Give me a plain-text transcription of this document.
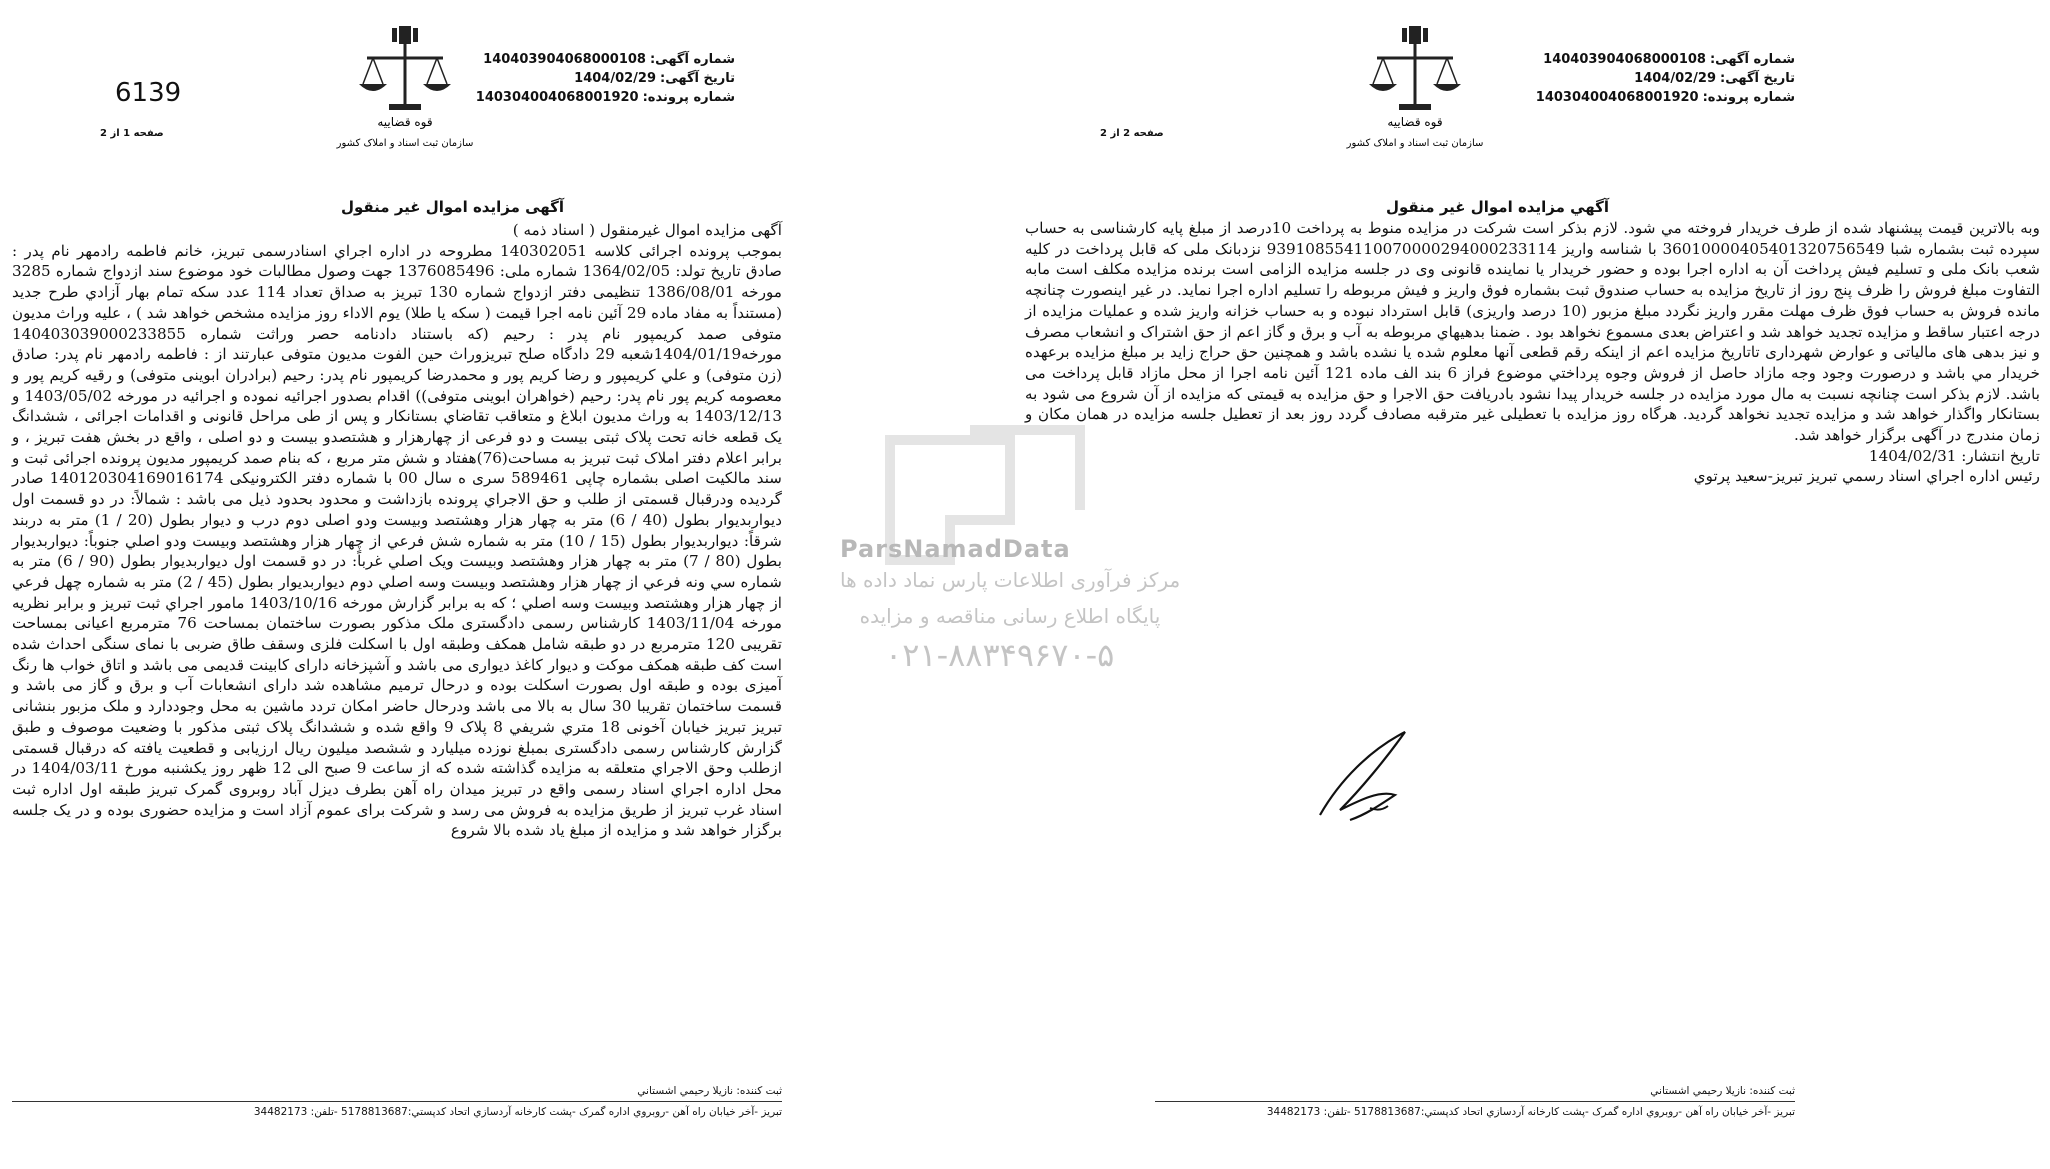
شماره آگهی:140403904068000108
تاریخ آگهی:1404/02/29
شماره پرونده:140304004068001920
قوه قضاییه
سازمان ثبت اسناد و املاک کشور
6139
صفحه 1 از 2
آگهی مزایده اموال غیر منقول

آگهی مزایده اموال غیرمنقول ( اسناد ذمه )

بموجب پرونده اجرائی کلاسه 140302051 مطروحه در اداره اجراي اسنادرسمی تبریز، خانم فاطمه رادمهر نام پدر : صادق تاریخ تولد: 1364/02/05 شماره ملی: 1376085496 جهت وصول مطالبات خود موضوع سند ازدواج شماره 3285 مورخه 1386/08/01 تنظیمی دفتر ازدواج شماره 130 تبریز به صداق تعداد 114 عدد سکه تمام بهار آزادي طرح جدید (مستنداً به مفاد ماده 29 آئین نامه اجرا قیمت ( سکه یا طلا) یوم الاداء روز مزایده مشخص خواهد شد ) ، علیه وراث مدیون متوفی صمد کریمپور نام پدر : رحیم (که باستناد دادنامه حصر وراثت شماره 140403039000233855 مورخه1404/01/19شعبه 29 دادگاه صلح تبریزوراث حین الفوت مدیون متوفی عبارتند از : فاطمه رادمهر نام پدر: صادق (زن متوفی) و علي کریمپور و رضا کریم پور و محمدرضا کریمپور نام پدر: رحیم (برادران ابوینی متوفی) و رقیه کریم پور و معصومه کریم پور نام پدر: رحیم (خواهران ابوینی متوفی)) اقدام بصدور اجرائیه نموده و اجرائیه در مورخه 1403/05/02 و 1403/12/13 به وراث مدیون ابلاغ و متعاقب تقاضاي بستانکار و پس از طی مراحل قانونی و اقدامات اجرائی ، ششدانگ یک قطعه خانه تحت پلاک ثبتی بیست و دو فرعی از چهارهزار و هشتصدو بیست و دو اصلی ، واقع در بخش هفت تبریز ، و برابر اعلام دفتر املاک ثبت تبریز به مساحت(76)هفتاد و شش متر مربع ، که بنام صمد کریمپور مدیون پرونده اجرائی ثبت و سند مالکیت اصلی بشماره چاپی 589461 سری ه سال 00 با شماره دفتر الکترونیکی 140120304169016174 صادر گردیده ودرقبال قسمتی از طلب و حق الاجراي پرونده بازداشت و محدود بحدود ذیل می باشد : شمالاً: در دو قسمت اول دیواربدیوار بطول (40 / 6) متر به چهار هزار وهشتصد وبیست ودو اصلی دوم درب و دیوار بطول (20 / 1) متر به دربند شرقاً: دیواربدیوار بطول (15 / 10) متر به شماره شش فرعي از چهار هزار وهشتصد وبیست ودو اصلي جنوباً: دیواربدیوار بطول (80 / 7) متر به چهار هزار وهشتصد وبیست ویک اصلي غرباً: در دو قسمت اول دیواربدیوار بطول (90 / 6) متر به شماره سي ونه فرعي از چهار هزار وهشتصد وبیست وسه اصلي دوم دیواربدیوار بطول (45 / 2) متر به شماره چهل فرعي از چهار هزار وهشتصد وبیست وسه اصلي ؛ که به برابر گزارش مورخه 1403/10/16 مامور اجراي ثبت تبریز و برابر نظریه مورخه 1403/11/04 کارشناس رسمی دادگستری ملک مذکور بصورت ساختمان بمساحت 76 مترمربع اعیانی بمساحت تقریبی 120 مترمربع در دو طبقه شامل همکف وطبقه اول با اسکلت فلزی وسقف طاق ضربی با نمای سنگی احداث شده است کف طبقه همکف موکت و دیوار کاغذ دیواری می باشد و آشپزخانه دارای کابینت قدیمی می باشد و اتاق خواب ها رنگ آمیزی بوده و طبقه اول بصورت اسکلت بوده و درحال ترمیم مشاهده شد دارای انشعابات آب و برق و گاز می باشد و قسمت ساختمان تقریبا 30 سال به بالا می باشد ودرحال حاضر امکان تردد ماشین به محل وجوددارد و ملک مزبور بنشانی تبریز تبریز خیابان آخونی 18 متري شریفي 8 پلاک 9 واقع شده و ششدانگ پلاک ثبتی مذکور با وضعیت موصوف و طبق گزارش کارشناس رسمی دادگستری بمبلغ نوزده میلیارد و ششصد میلیون ریال ارزیابی و قطعیت یافته که درقبال قسمتی ازطلب وحق الاجراي متعلقه به مزایده گذاشته شده که از ساعت 9 صبح الی 12 ظهر روز یکشنبه مورخ 1404/03/11 در محل اداره اجراي اسناد رسمی واقع در تبریز میدان راه آهن بطرف دیزل آباد روبروی گمرک تبریز طبقه اول اداره ثبت اسناد غرب تبریز از طریق مزایده به فروش می رسد و شرکت برای عموم آزاد است و مزایده حضوری بوده و در یک جلسه برگزار خواهد شد و مزایده از مبلغ یاد شده بالا شروع

ثبت کننده: نازیلا رحیمي اشستاني
تبریز -آخر خیابان راه آهن -روبروي اداره گمرک -پشت کارخانه آردسازي اتحاد کدپستي:5178813687 -تلفن: 34482173
شماره آگهی:140403904068000108
تاریخ آگهی:1404/02/29
شماره پرونده:140304004068001920
قوه قضاییه
سازمان ثبت اسناد و املاک کشور
صفحه 2 از 2
آگهي مزايده اموال غير منقول

وبه بالاترین قیمت پیشنهاد شده از طرف خریدار فروخته مي شود. لازم بذکر است شرکت در مزایده منوط به پرداخت 10درصد از مبلغ پایه کارشناسی به حساب سپرده ثبت بشماره شبا 36010000405401320756549 با شناسه واریز 939108554110070000294000233114 نزدبانک ملی که قابل پرداخت در کلیه شعب بانک ملی و تسلیم فیش پرداخت آن به اداره اجرا بوده و حضور خریدار یا نماینده قانونی وی در جلسه مزایده الزامی است برنده مزایده مکلف است مابه التفاوت مبلغ فروش را ظرف پنج روز از تاریخ مزایده به حساب صندوق ثبت بشماره فوق واریز و فیش مربوطه را تسلیم اداره اجرا نماید. در غیر اینصورت چنانچه مانده فروش به حساب فوق ظرف مهلت مقرر واریز نگردد مبلغ مزبور (10 درصد واریزی) قابل استرداد نبوده و به حساب خزانه واریز شده و عملیات مزایده از درجه اعتبار ساقط و مزایده تجدید خواهد شد و اعتراض بعدی مسموع نخواهد بود . ضمنا بدهیهاي مربوطه به آب و برق و گاز اعم از حق اشتراک و انشعاب مصرف و نیز بدهی های مالیاتی و عوارض شهرداری تاتاریخ مزایده اعم از اینکه رقم قطعی آنها معلوم شده یا نشده باشد و همچنین حق حراج زاید بر مبلغ مزایده برعهده خریدار مي باشد و درصورت وجود وجه مازاد حاصل از فروش وجوه پرداختي موضوع فراز 6 بند الف ماده 121 آئین نامه اجرا از محل مازاد قابل پرداخت می باشد. لازم بذکر است چنانچه نسبت به مال مورد مزایده در جلسه خریدار پیدا نشود بادریافت حق الاجرا و حق مزایده به قیمتی که مزایده از آن شروع می شود به بستانکار واگذار خواهد شد و مزایده تجدید نخواهد گردید. هرگاه روز مزایده با تعطیلی غیر مترقبه مصادف گردد روز بعد از تعطیل جلسه مزایده در همان مکان و زمان مندرج در آگهی برگزار خواهد شد.

تاریخ انتشار: 1404/02/31

رئیس اداره اجراي اسناد رسمي تبریز تبریز-سعید پرتوي

ثبت کننده: نازیلا رحیمي اشستاني
تبریز -آخر خیابان راه آهن -روبروي اداره گمرک -پشت کارخانه آردسازي اتحاد کدپستي:5178813687 -تلفن: 34482173
ParsNamadData
مرکز فرآوری اطلاعات پارس نماد داده ها
پایگاه اطلاع رسانی مناقصه و مزایده
۰۲۱-۸۸۳۴۹۶۷۰-۵
